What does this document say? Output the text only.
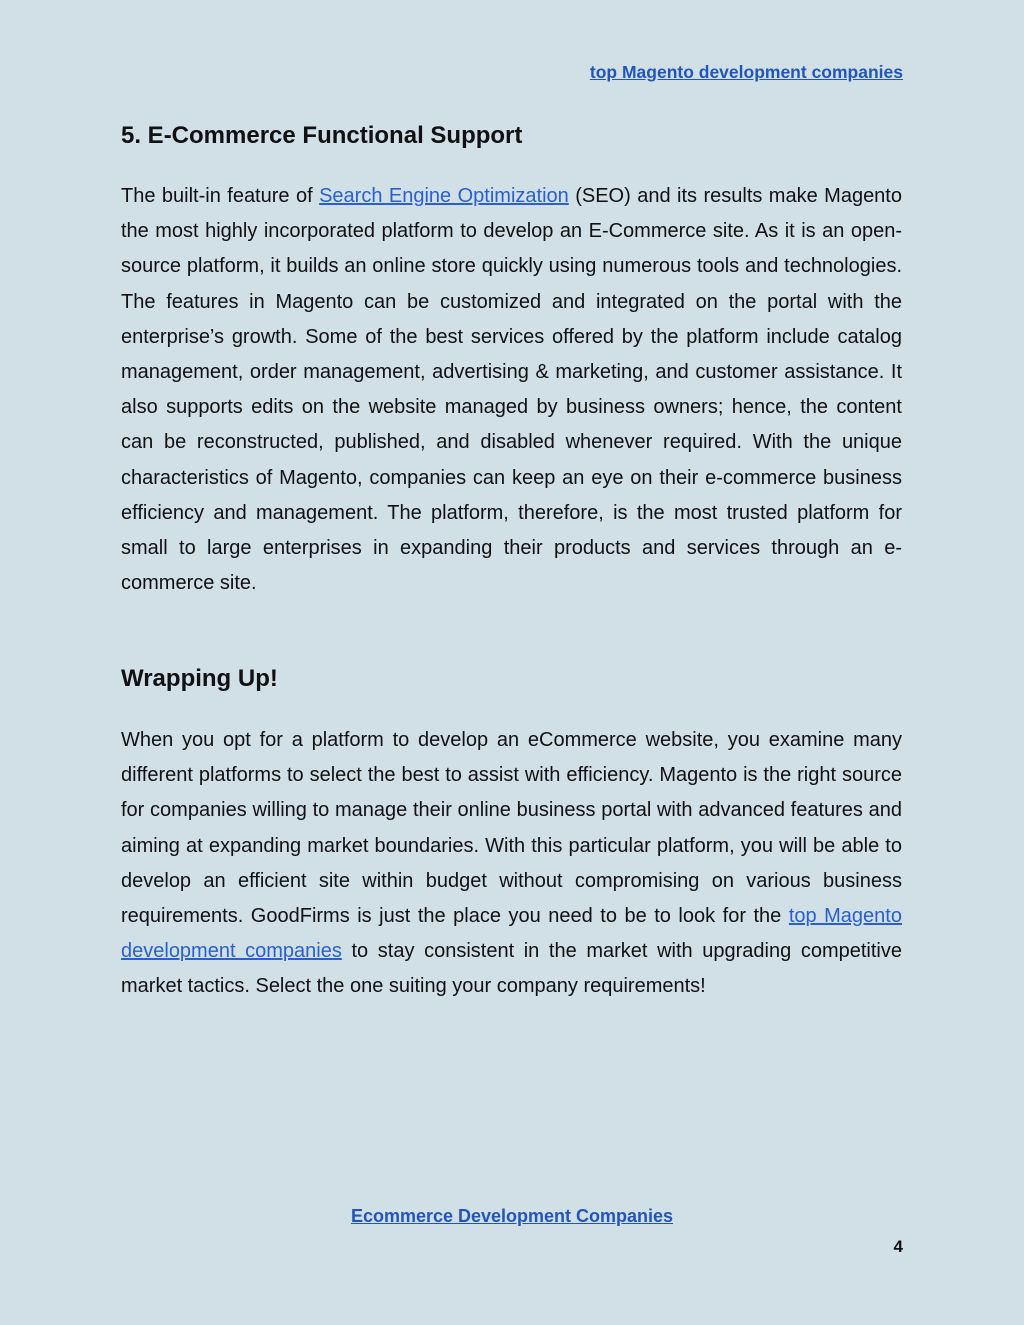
top Magento development companies
5. E-Commerce Functional Support

The built-in feature of Search Engine Optimization (SEO) and its results make Magento the most highly incorporated platform to develop an E-Commerce site. As it is an open-source platform, it builds an online store quickly using numerous tools and technologies. The features in Magento can be customized and integrated on the portal with the enterprise’s growth. Some of the best services offered by the platform include catalog management, order management, advertising & marketing, and customer assistance. It also supports edits on the website managed by business owners; hence, the content can be reconstructed, published, and disabled whenever required. With the unique characteristics of Magento, companies can keep an eye on their e-commerce business efficiency and management. The platform, therefore, is the most trusted platform for small to large enterprises in expanding their products and services through an e-commerce site.

Wrapping Up!

When you opt for a platform to develop an eCommerce website, you examine many different platforms to select the best to assist with efficiency. Magento is the right source for companies willing to manage their online business portal with advanced features and aiming at expanding market boundaries. With this particular platform, you will be able to develop an efficient site within budget without compromising on various business requirements. GoodFirms is just the place you need to be to look for the top Magento development companies to stay consistent in the market with upgrading competitive market tactics. Select the one suiting your company requirements!

Ecommerce Development Companies
4
